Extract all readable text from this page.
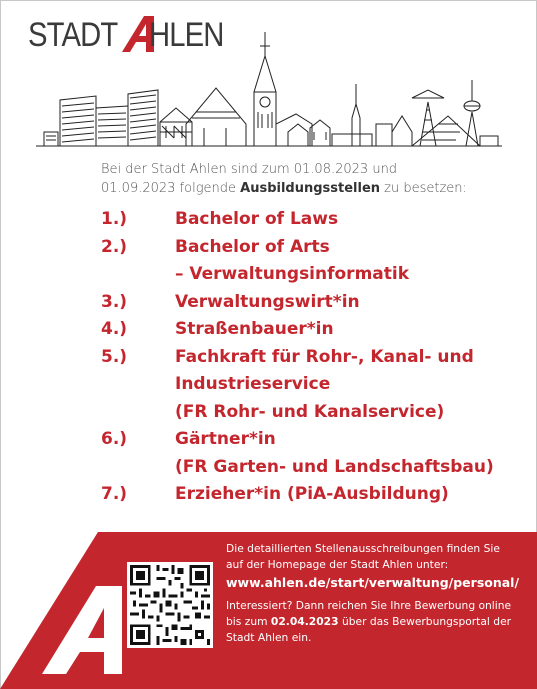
STADT HLEN
Bei der Stadt Ahlen sind zum 01.08.2023 und
01.09.2023 folgende Ausbildungsstellen zu besetzen:
1.)	Bachelor of Laws
2.)	Bachelor of Arts
– Verwaltungsinformatik
3.)	Verwaltungswirt*in
4.)	Straßenbauer*in
5.)	Fachkraft für Rohr-, Kanal- und
Industrieservice
(FR Rohr- und Kanalservice)
6.)	Gärtner*in
(FR Garten- und Landschaftsbau)
7.)	Erzieher*in (PiA-Ausbildung)
Die detaillierten Stellenausschreibungen finden Sie
auf der Homepage der Stadt Ahlen unter:
www.ahlen.de/start/verwaltung/personal/
Interessiert? Dann reichen Sie Ihre Bewerbung online
bis zum 02.04.2023 über das Bewerbungsportal der
Stadt Ahlen ein.
